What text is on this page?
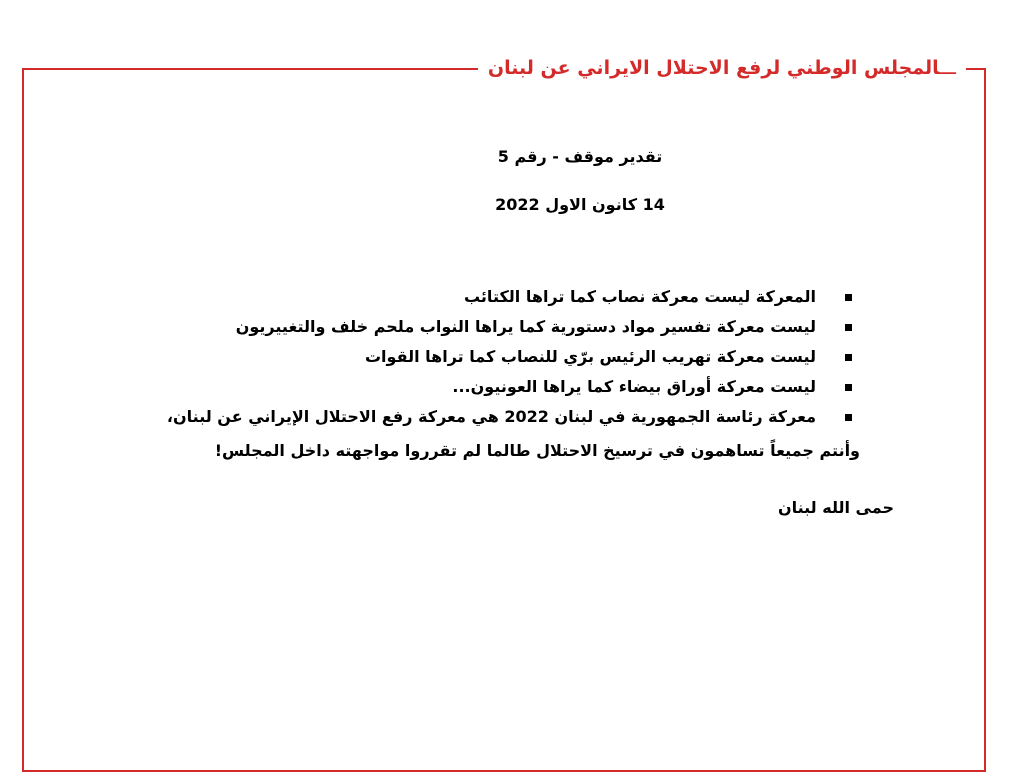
ـــالمجلس الوطني لرفع الاحتلال الايراني عن لبنان
تقدير موقف - رقم 5
14 كانون الاول 2022
المعركة ليست معركة نصاب كما تراها الكتائب
ليست معركة تفسير مواد دستورية كما يراها النواب ملحم خلف والتغييريون
ليست معركة تهريب الرئيس برّي للنصاب كما تراها القوات
ليست معركة أوراق بيضاء كما يراها العونيون...
معركة رئاسة الجمهورية في لبنان 2022 هي معركة رفع الاحتلال الإيراني عن لبنان،
وأنتم جميعاً تساهمون في ترسيخ الاحتلال طالما لم تقرروا مواجهته داخل المجلس!
حمى الله لبنان
